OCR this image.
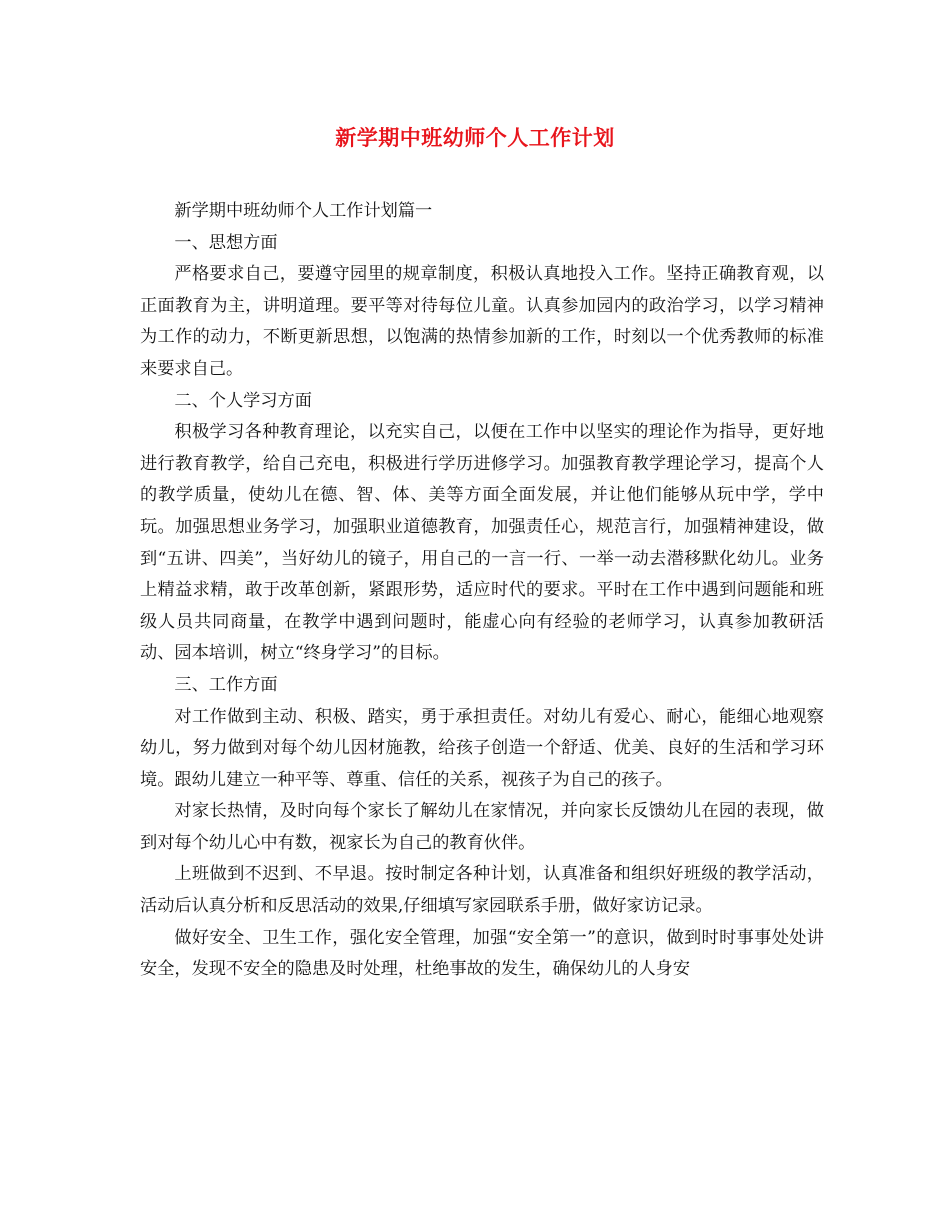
新学期中班幼师个人工作计划

新学期中班幼师个人工作计划篇一

一、思想方面

严格要求自己，要遵守园里的规章制度，积极认真地投入工作。坚持正确教育观，以正面教育为主，讲明道理。要平等对待每位儿童。认真参加园内的政治学习，以学习精神为工作的动力，不断更新思想，以饱满的热情参加新的工作，时刻以一个优秀教师的标准来要求自己。

二、个人学习方面

积极学习各种教育理论，以充实自己，以便在工作中以坚实的理论作为指导，更好地进行教育教学，给自己充电，积极进行学历进修学习。加强教育教学理论学习，提高个人的教学质量，使幼儿在德、智、体、美等方面全面发展，并让他们能够从玩中学，学中玩。加强思想业务学习，加强职业道德教育，加强责任心，规范言行，加强精神建设，做到“五讲、四美”，当好幼儿的镜子，用自己的一言一行、一举一动去潜移默化幼儿。业务上精益求精，敢于改革创新，紧跟形势，适应时代的要求。平时在工作中遇到问题能和班级人员共同商量，在教学中遇到问题时，能虚心向有经验的老师学习，认真参加教研活动、园本培训，树立“终身学习”的目标。

三、工作方面

对工作做到主动、积极、踏实，勇于承担责任。对幼儿有爱心、耐心，能细心地观察幼儿，努力做到对每个幼儿因材施教，给孩子创造一个舒适、优美、良好的生活和学习环境。跟幼儿建立一种平等、尊重、信任的关系，视孩子为自己的孩子。

对家长热情，及时向每个家长了解幼儿在家情况，并向家长反馈幼儿在园的表现，做到对每个幼儿心中有数，视家长为自己的教育伙伴。

上班做到不迟到、不早退。按时制定各种计划，认真准备和组织好班级的教学活动，活动后认真分析和反思活动的效果,仔细填写家园联系手册，做好家访记录。

做好安全、卫生工作，强化安全管理，加强“安全第一”的意识，做到时时事事处处讲安全，发现不安全的隐患及时处理，杜绝事故的发生，确保幼儿的人身安
